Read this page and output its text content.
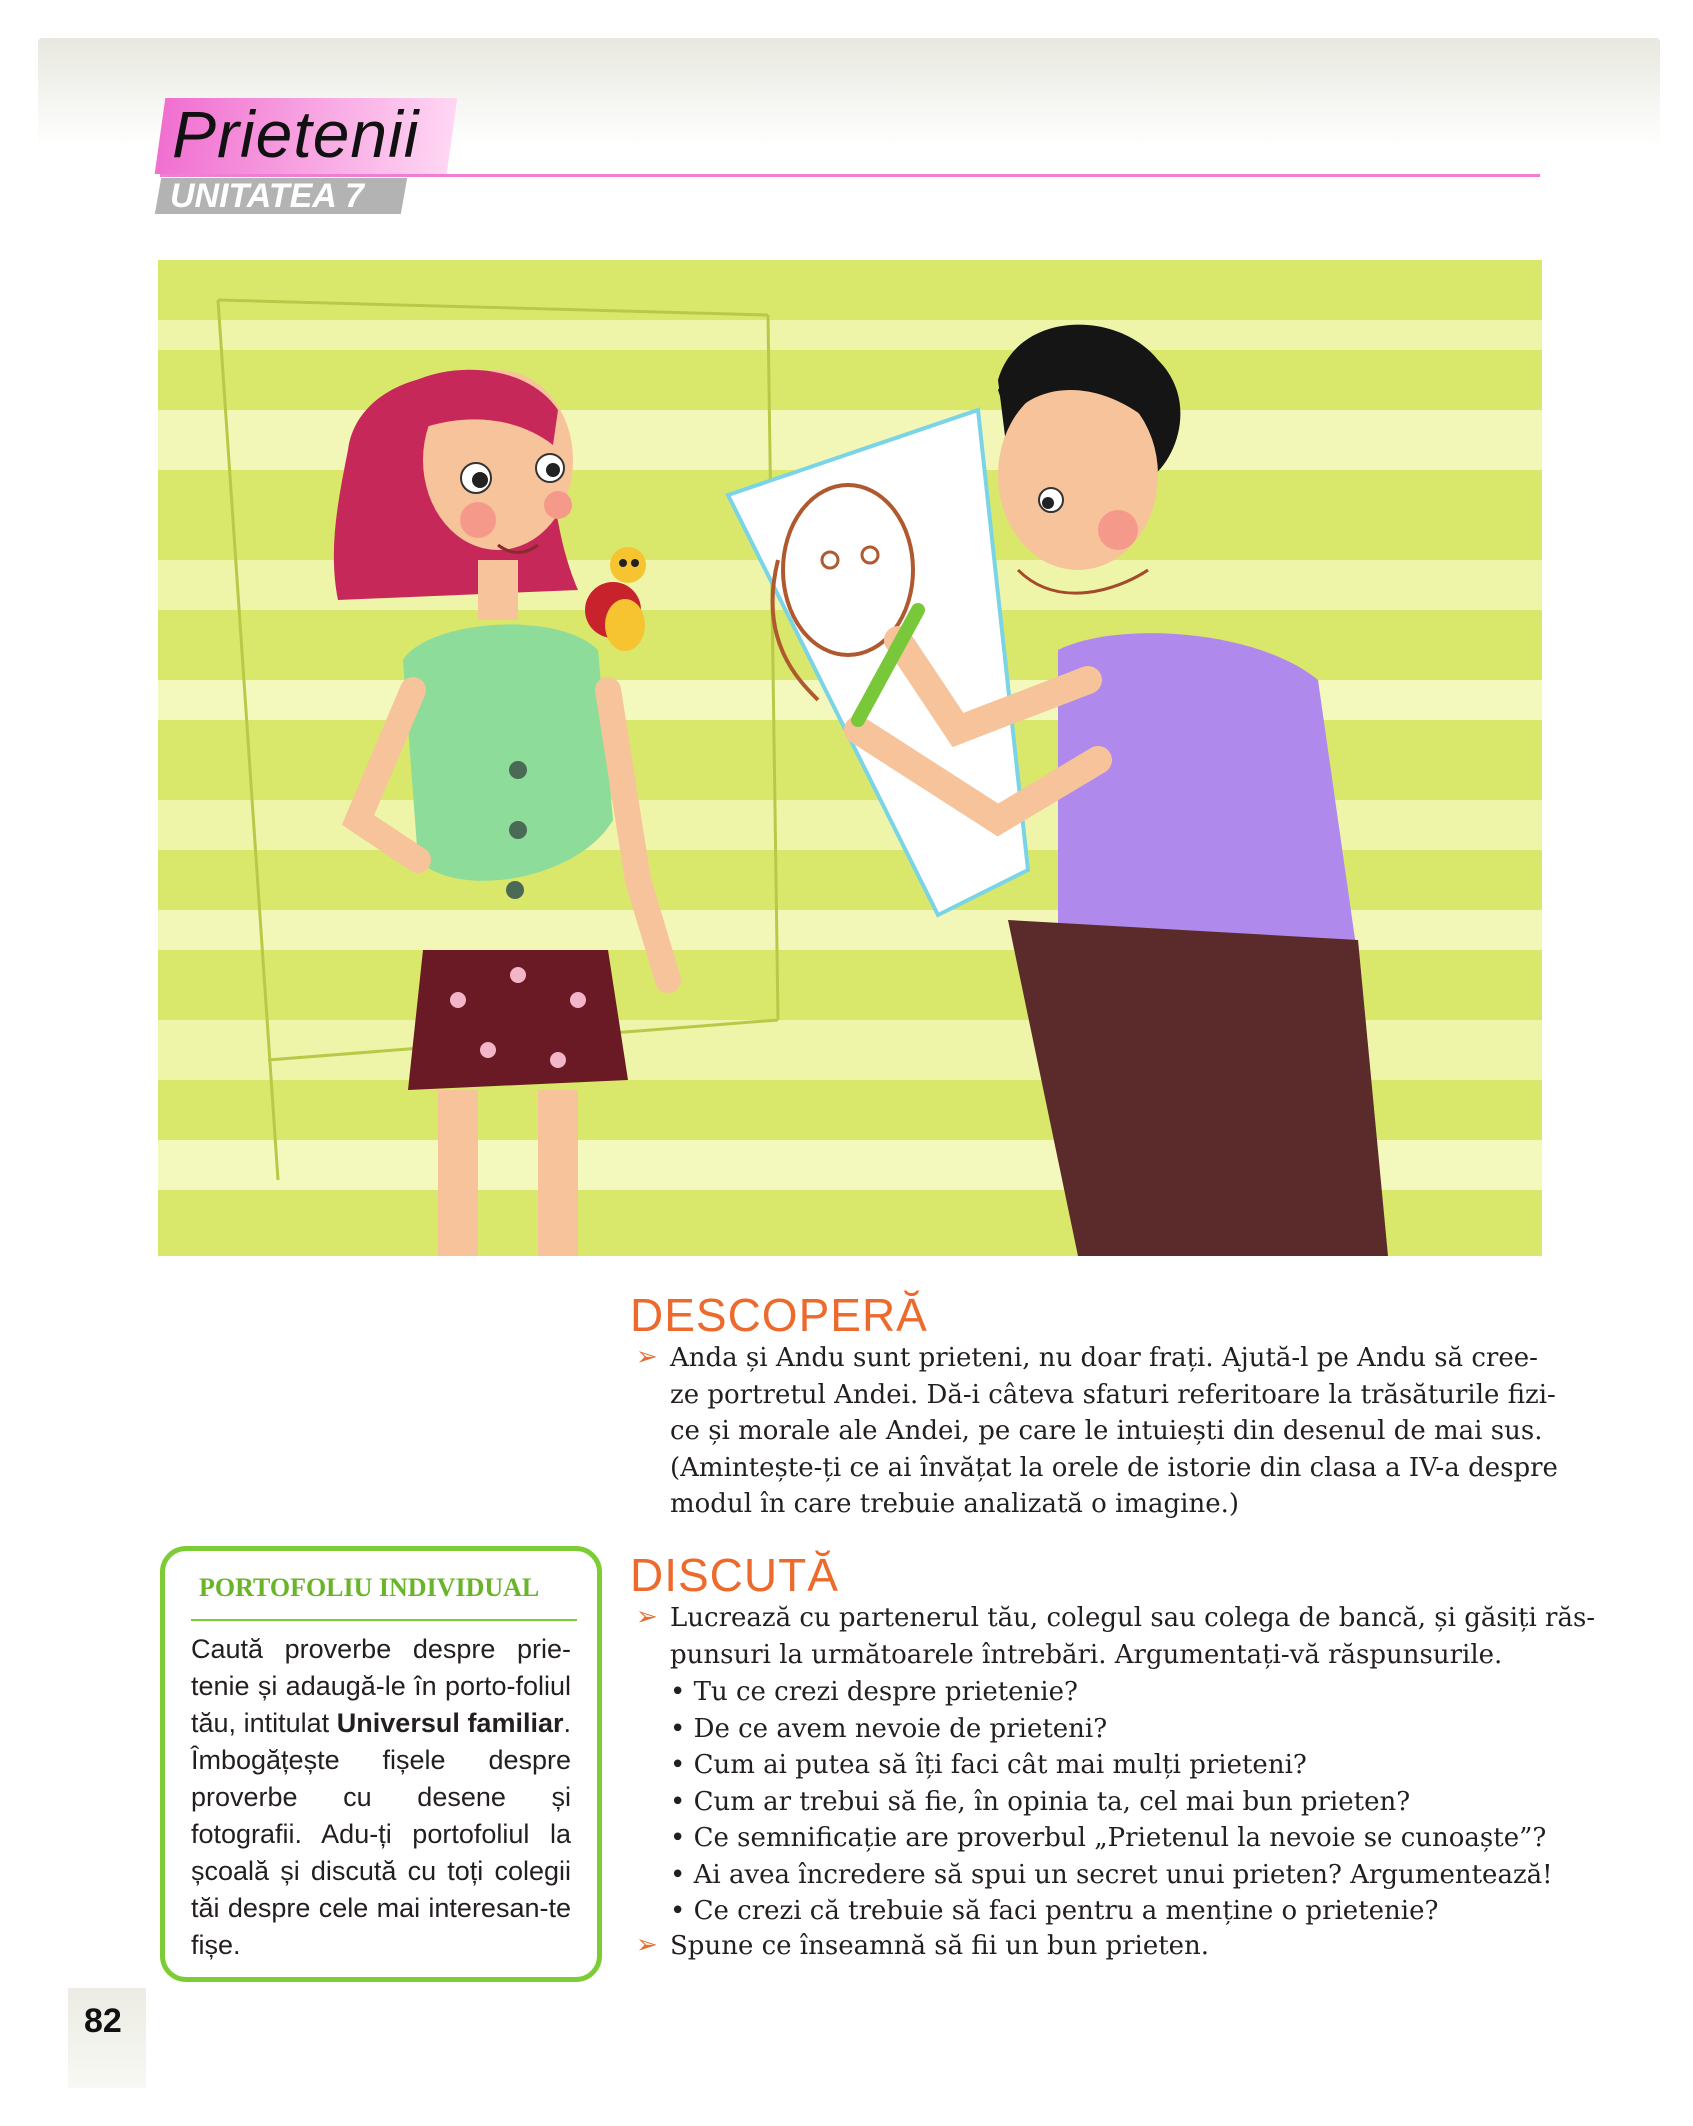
Prietenii
UNITATEA 7
DESCOPERĂ
➢ Anda și Andu sunt prieteni, nu doar frați. Ajută-l pe Andu să cree-
ze portretul Andei. Dă-i câteva sfaturi referitoare la trăsăturile fizi-
ce și morale ale Andei, pe care le intuiești din desenul de mai sus.
(Amintește-ți ce ai învățat la orele de istorie din clasa a IV-a despre
modul în care trebuie analizată o imagine.)

DISCUTĂ
➢ Lucrează cu partenerul tău, colegul sau colega de bancă, și găsiți răs-
punsuri la următoarele întrebări. Argumentați-vă răspunsurile.

• Tu ce crezi despre prietenie?
• De ce avem nevoie de prieteni?
• Cum ai putea să îți faci cât mai mulți prieteni?
• Cum ar trebui să fie, în opinia ta, cel mai bun prieten?
• Ce semnificație are proverbul „Prietenul la nevoie se cunoaște”?
• Ai avea încredere să spui un secret unui prieten? Argumentează!
• Ce crezi că trebuie să faci pentru a menține o prietenie?
➢ Spune ce înseamnă să fii un bun prieten.

PORTOFOLIU INDIVIDUAL
Caută proverbe despre prie-tenie și adaugă-le în porto-foliul tău, intitulat Universul familiar. Îmbogățește fișele despre proverbe cu desene și fotografii. Adu-ți portofoliul la școală și discută cu toți colegii tăi despre cele mai interesan-te fișe.
82
